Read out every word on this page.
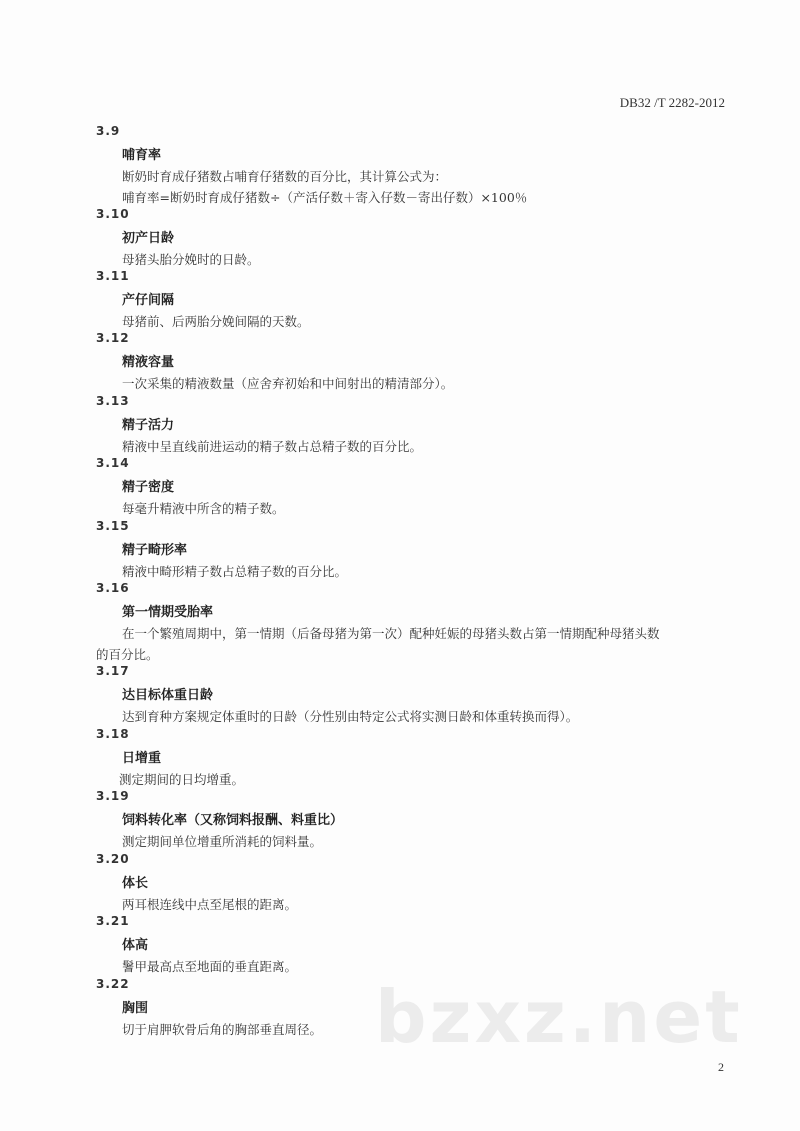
DB32 /T 2282-2012
3.9
哺育率
断奶时育成仔猪数占哺育仔猪数的百分比，其计算公式为：
哺育率=断奶时育成仔猪数÷（产活仔数＋寄入仔数－寄出仔数）×100％
3.10
初产日龄
母猪头胎分娩时的日龄。
3.11
产仔间隔
母猪前、后两胎分娩间隔的天数。
3.12
精液容量
一次采集的精液数量（应舍弃初始和中间射出的精清部分）。
3.13
精子活力
精液中呈直线前进运动的精子数占总精子数的百分比。
3.14
精子密度
每毫升精液中所含的精子数。
3.15
精子畸形率
精液中畸形精子数占总精子数的百分比。
3.16
第一情期受胎率
在一个繁殖周期中，第一情期（后备母猪为第一次）配种妊娠的母猪头数占第一情期配种母猪头数
的百分比。
3.17
达目标体重日龄
达到育种方案规定体重时的日龄（分性别由特定公式将实测日龄和体重转换而得）。
3.18
日增重
测定期间的日均增重。
3.19
饲料转化率（又称饲料报酬、料重比）
测定期间单位增重所消耗的饲料量。
3.20
体长
两耳根连线中点至尾根的距离。
3.21
体高
鬐甲最高点至地面的垂直距离。
3.22
胸围
切于肩胛软骨后角的胸部垂直周径。 bzxz.net
2
